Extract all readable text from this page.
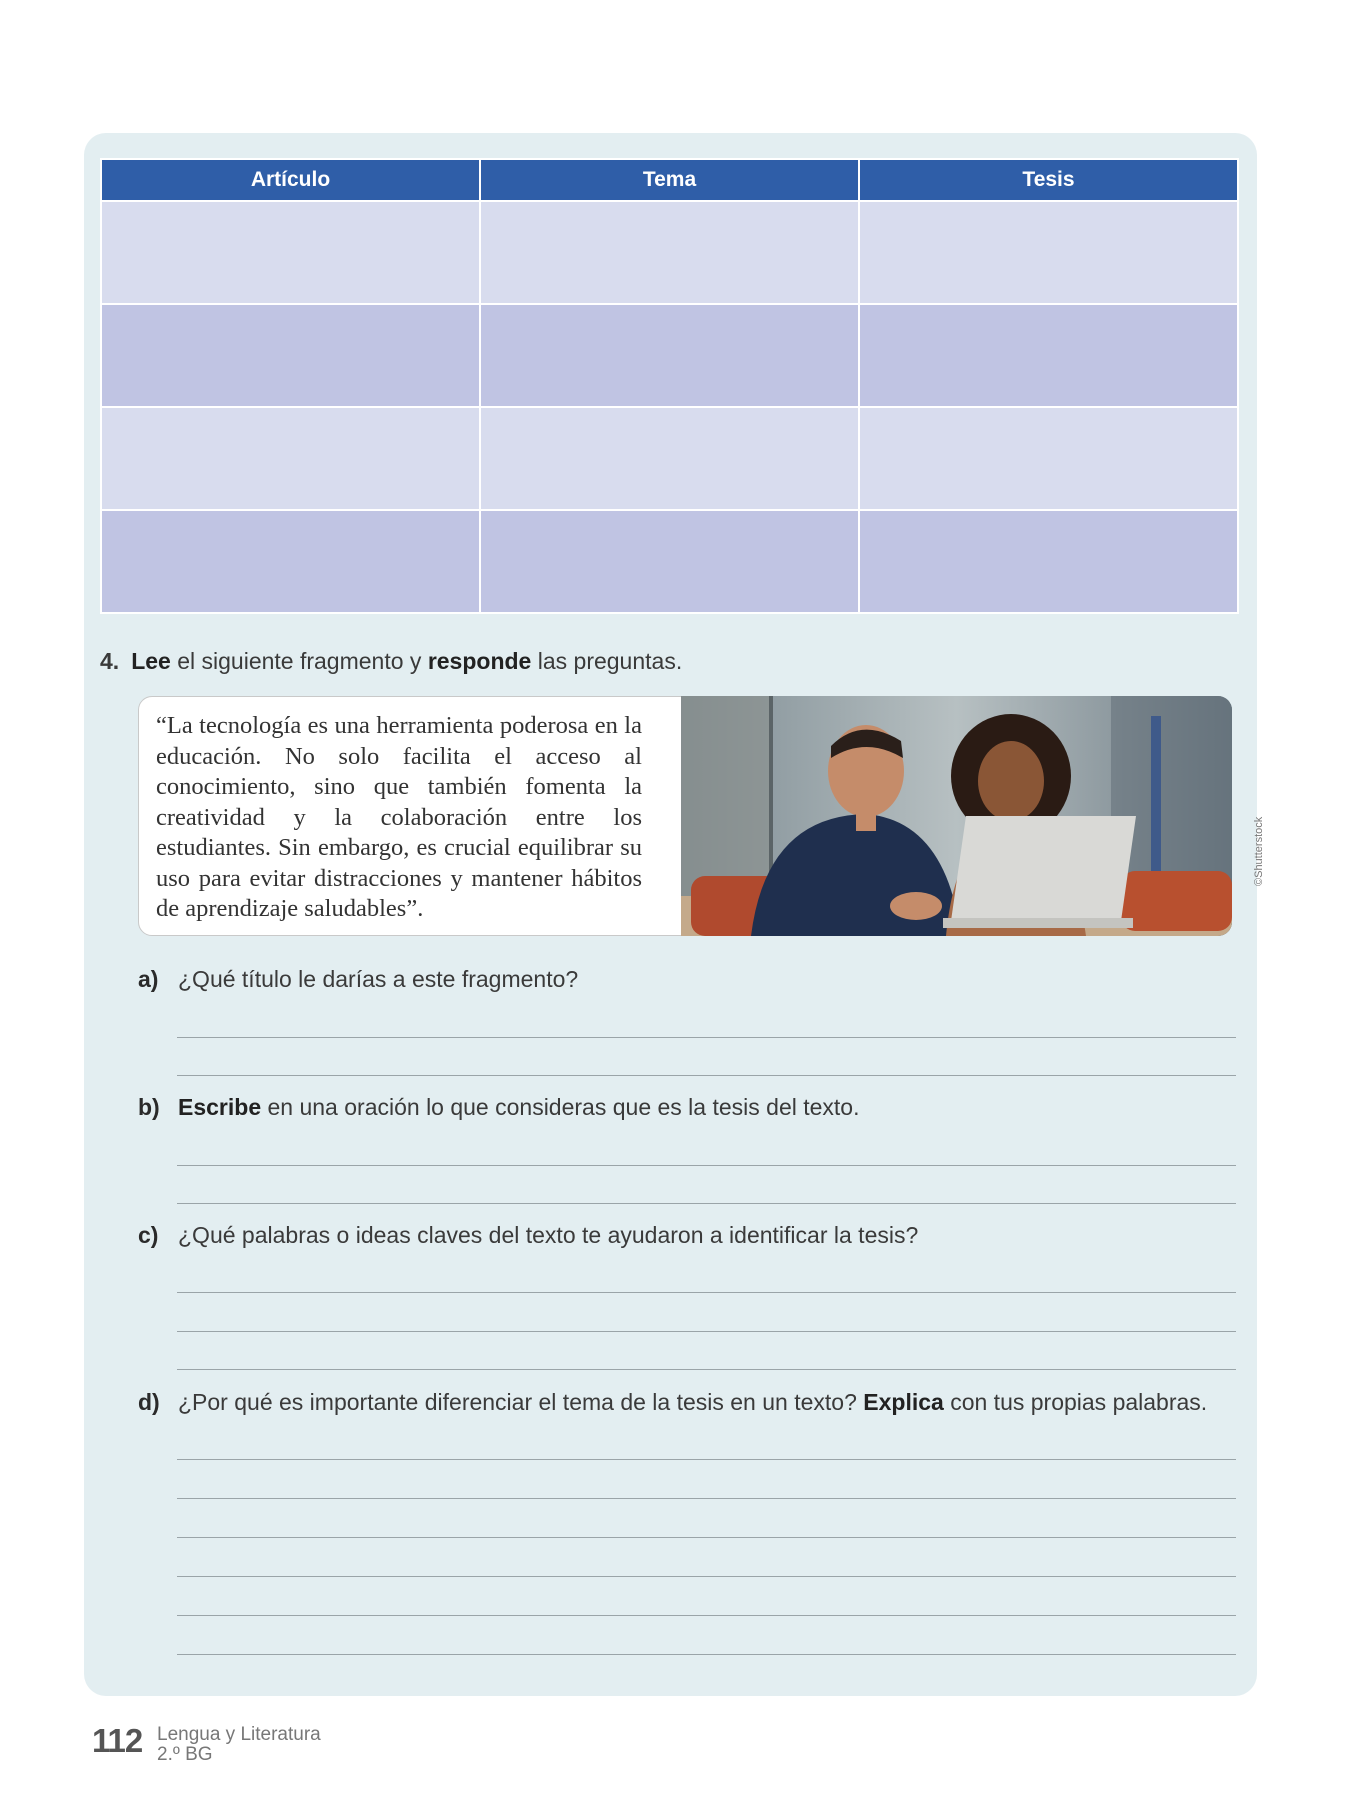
Artículo	Tema	Tesis

4. Lee el siguiente fragmento y responde las preguntas.
“La tecnología es una herramienta poderosa en la educación. No solo facilita el acceso al conocimiento, sino que también fomenta la creatividad y la colaboración entre los estudiantes. Sin embargo, es crucial equilibrar su uso para evitar distracciones y mantener hábitos de aprendizaje saludables”.
©Shutterstock
a) ¿Qué título le darías a este fragmento?
b) Escribe en una oración lo que consideras que es la tesis del texto.
c) ¿Qué palabras o ideas claves del texto te ayudaron a identificar la tesis?
d) ¿Por qué es importante diferenciar el tema de la tesis en un texto? Explica con tus propias palabras.
112 Lengua y Literatura
2.º BG
